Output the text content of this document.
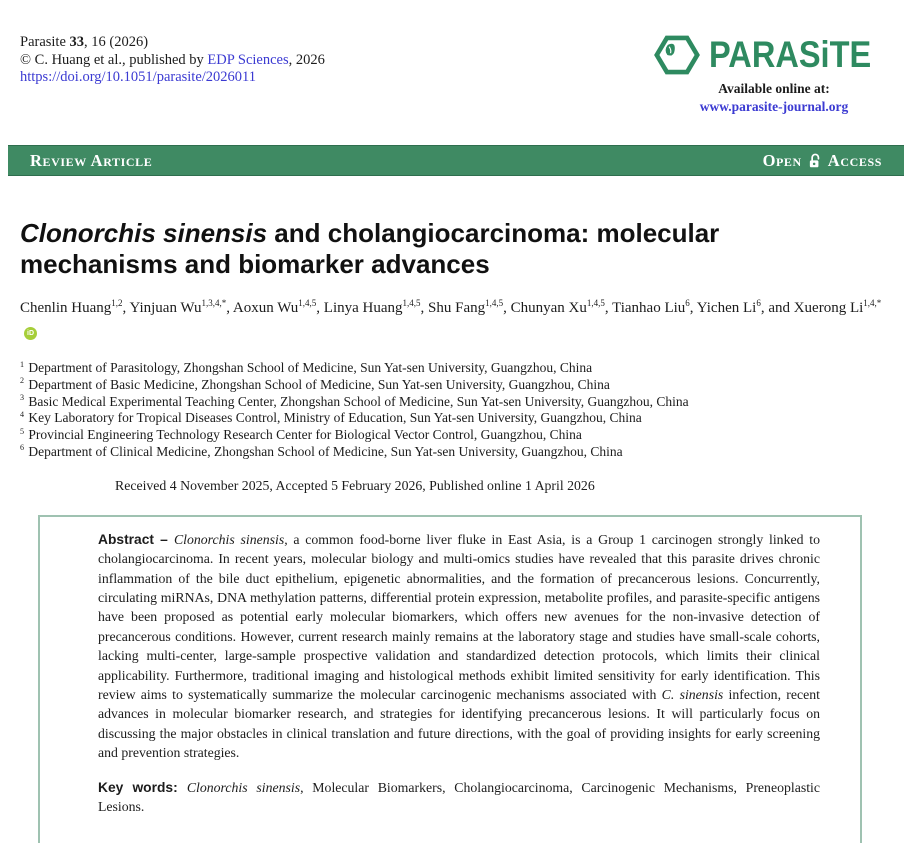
Parasite 33, 16 (2026)
© C. Huang et al., published by EDP Sciences, 2026
https://doi.org/10.1051/parasite/2026011
PARASiTE
Available online at:
www.parasite-journal.org
Review Article	Open Access
Clonorchis sinensis and cholangiocarcinoma: molecular mechanisms and biomarker advances
Chenlin Huang$^{1,2}$, Yinjuan $Wu^{1,3,4,*}$, Aoxun Wu$^{1,4,5}$, Linya Huang$^{1,4,5}$, Shu Fang$^{1,4,5}$, Chunyan Xu$^{1,4,5}$, Tianhao Liu$^6$, Yichen Li$^6$, and Xuerong $Li^{1,4,*}iD$
$^1$ Department of Parasitology, Zhongshan School of Medicine, Sun Yat-sen University, Guangzhou, China
$^2$ Department of Basic Medicine, Zhongshan School of Medicine, Sun Yat-sen University, Guangzhou, China
$^3$ Basic Medical Experimental Teaching Center, Zhongshan School of Medicine, Sun Yat-sen University, Guangzhou, China
$^4$ Key Laboratory for Tropical Diseases Control, Ministry of Education, Sun Yat-sen University, Guangzhou, China
$^5$ Provincial Engineering Technology Research Center for Biological Vector Control, Guangzhou, China
$^6$ Department of Clinical Medicine, Zhongshan School of Medicine, Sun Yat-sen University, Guangzhou, China
Received 4 November 2025, Accepted 5 February 2026, Published online 1 April 2026

Abstract – Clonorchis sinensis, a common food-borne liver fluke in East Asia, is a Group 1 carcinogen strongly linked to cholangiocarcinoma. In recent years, molecular biology and multi-omics studies have revealed that this parasite drives chronic inflammation of the bile duct epithelium, epigenetic abnormalities, and the formation of precancerous lesions. Concurrently, circulating miRNAs, DNA methylation patterns, differential protein expression, metabolite profiles, and parasite-specific antigens have been proposed as potential early molecular biomarkers, which offers new avenues for the non-invasive detection of precancerous conditions. However, current research mainly remains at the laboratory stage and studies have small-scale cohorts, lacking multi-center, large-sample prospective validation and standardized detection protocols, which limits their clinical applicability. Furthermore, traditional imaging and histological methods exhibit limited sensitivity for early identification. This review aims to systematically summarize the molecular carcinogenic mechanisms associated with C. sinensis infection, recent advances in molecular biomarker research, and strategies for identifying precancerous lesions. It will particularly focus on discussing the major obstacles in clinical translation and future directions, with the goal of providing insights for early screening and prevention strategies.

Key words: Clonorchis sinensis, Molecular Biomarkers, Cholangiocarcinoma, Carcinogenic Mechanisms, Preneoplastic Lesions.
